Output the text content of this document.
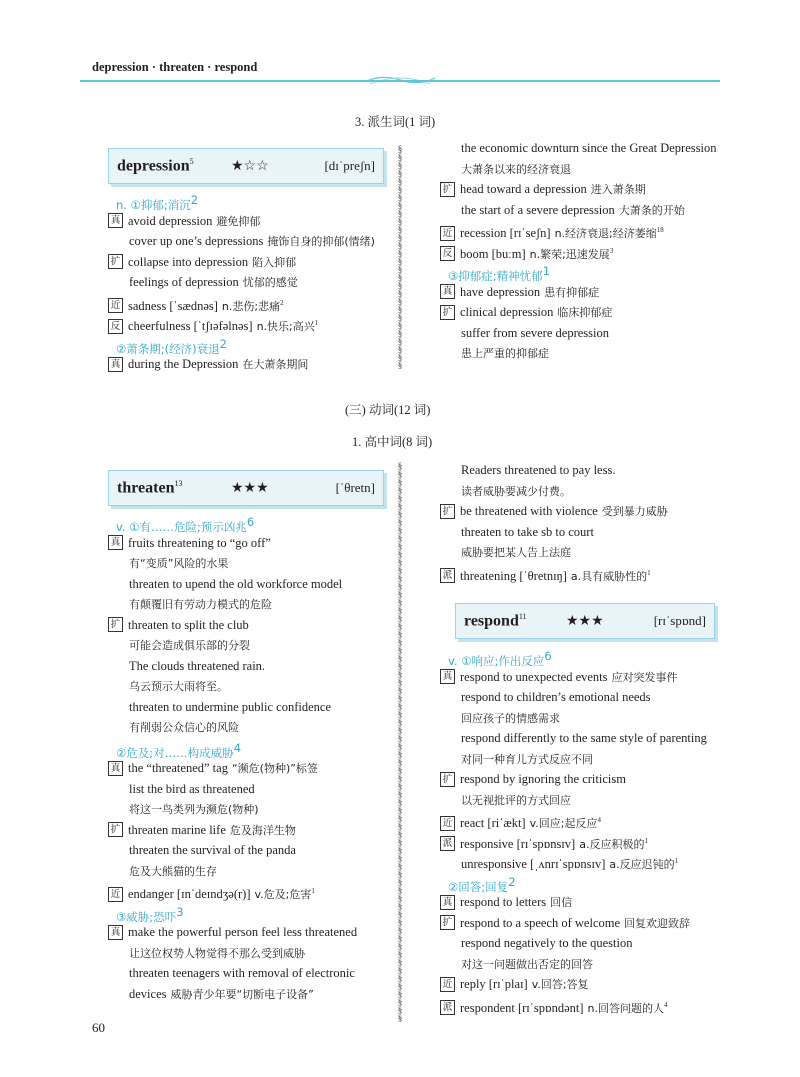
depression · threaten · respond
3. 派生词(1 词)
depression$^5$	★☆☆	[dɪˈpreʃn]
n. ①抑郁;消沉$^2$
真 avoid depression 避免抑郁
cover up one’s depressions 掩饰自身的抑郁(情绪)
扩 collapse into depression 陷入抑郁
feelings of depression 忧郁的感觉
近 sadness [ˈsædnəs] n.悲伤;悲痛$^2$
反 cheerfulness [ˈtʃɪəfəlnəs] n.快乐;高兴$^1$
②萧条期;(经济)衰退$^2$
真 during the Depression 在大萧条期间
§
§
§
§
§
§
§
§
§
§
§
§
§
§
§
§
§
§
§
§
§
§
§
§
§
§
§
§
the economic downturn since the Great Depression
大萧条以来的经济衰退
扩 head toward a depression 进入萧条期
the start of a severe depression 大萧条的开始
近 recession [rɪˈseʃn] n.经济衰退;经济萎缩$^{18}$
反 boom [buːm] n.繁荣;迅速发展$^3$
③抑郁症;精神忧郁$^1$
真 have depression 患有抑郁症
扩 clinical depression 临床抑郁症
suffer from severe depression
患上严重的抑郁症
(三) 动词(12 词)
1. 高中词(8 词)
threaten$^{13}$	★★★	[ˈθretn]
v. ①有……危险;预示凶兆$^6$
真 fruits threatening to “go off”
有“变质”风险的水果
threaten to upend the old workforce model
有颠覆旧有劳动力模式的危险
扩 threaten to split the club
可能会造成俱乐部的分裂
The clouds threatened rain.
乌云预示大雨将至。
threaten to undermine public confidence
有削弱公众信心的风险
②危及;对……构成威胁$^4$
真 the “threatened” tag “濒危(物种)”标签
list the bird as threatened
将这一鸟类列为濒危(物种)
扩 threaten marine life 危及海洋生物
threaten the survival of the panda
危及大熊猫的生存
近 endanger [ɪnˈdeɪndʒə(r)] v.危及;危害$^1$
③威胁;恐吓$^3$
真 make the powerful person feel less threatened
让这位权势人物觉得不那么受到威胁
threaten teenagers with removal of electronic
devices 威胁青少年要“切断电子设备”
§
§
§
§
§
§
§
§
§
§
§
§
§
§
§
§
§
§
§
§
§
§
§
§
§
§
§
§
§
§
§
§
§
§
§
§
§
§
§
§
§
§
§
§
§
§
§
§
§
§
§
§
§
§
§
§
§
§
§
§
§
§
§
§
§
§
§
§
§
§
Readers threatened to pay less.
读者威胁要减少付费。
扩 be threatened with violence 受到暴力威胁
threaten to take sb to court
威胁要把某人告上法庭
派 threatening [ˈθretnɪŋ] a.具有威胁性的$^1$
respond$^{11}$	★★★	[rɪˈspɒnd]
v. ①响应;作出反应$^6$
真 respond to unexpected events 应对突发事件
respond to children’s emotional needs
回应孩子的情感需求
respond differently to the same style of parenting
对同一种育儿方式反应不同
扩 respond by ignoring the criticism
以无视批评的方式回应
近 react [riˈækt] v.回应;起反应$^4$
派 responsive [rɪˈspɒnsɪv] a.反应积极的$^1$
unresponsive [ˌʌnrɪˈspɒnsɪv] a.反应迟钝的$^1$
②回答;回复$^2$
真 respond to letters 回信
扩 respond to a speech of welcome 回复欢迎致辞
respond negatively to the question
对这一问题做出否定的回答
近 reply [rɪˈplaɪ] v.回答;答复
派 respondent [rɪˈspɒndənt] n.回答问题的人$^4$
60
